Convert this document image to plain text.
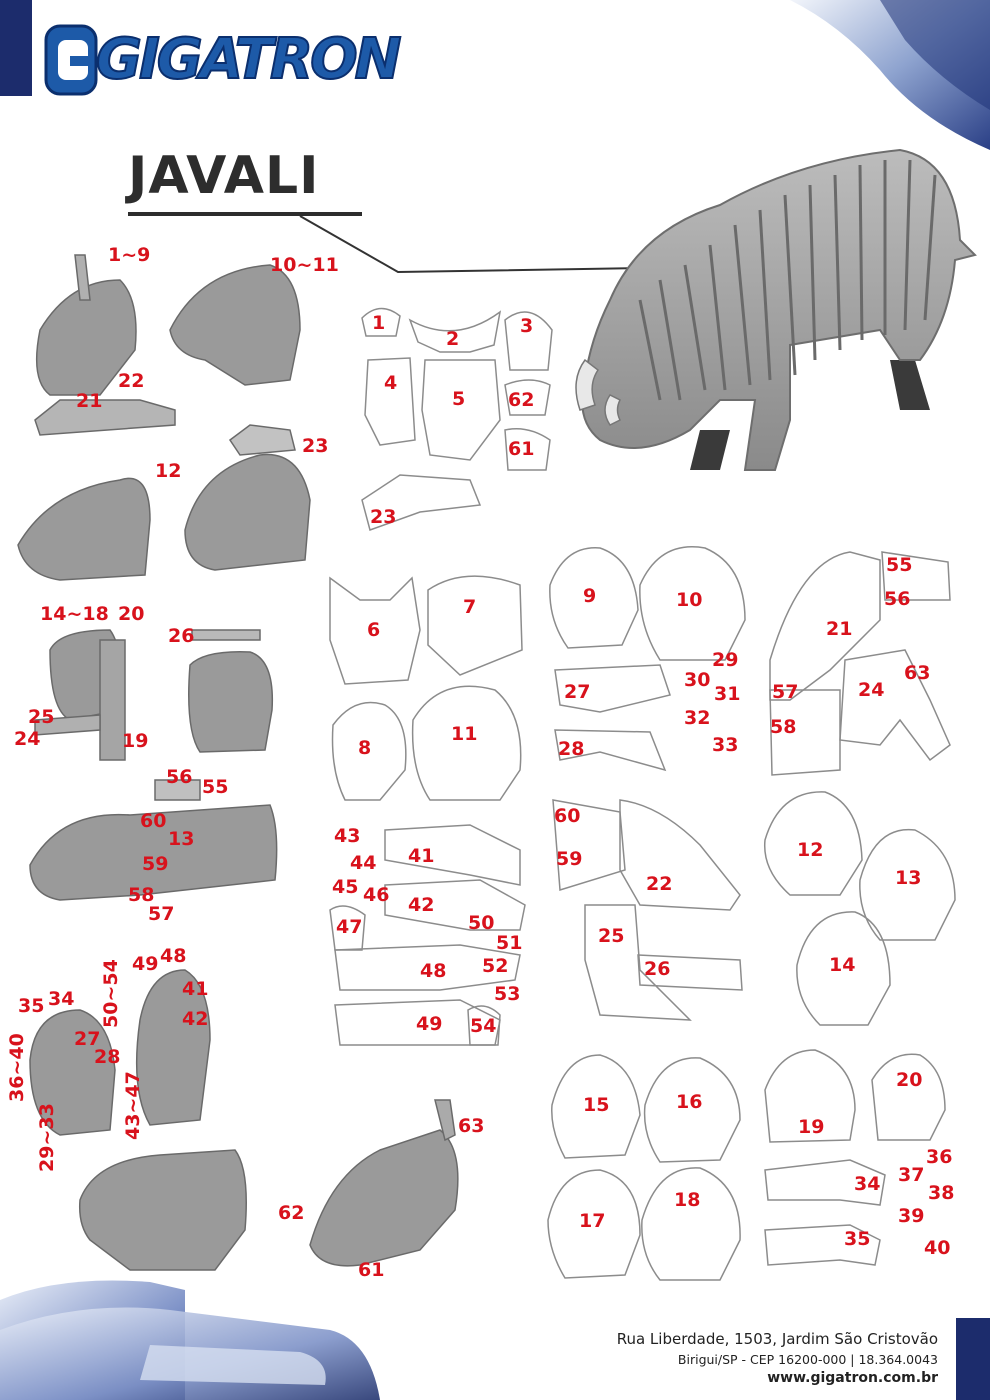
GIGATRON
JAVALI
1~9
22
21
10~11
12
23
14~18 20
25
24	19
26
56 55
60
13
59
58
57
49 48
35 34 50~54	41
42
27
28
36~40
43~47
29~33	63
62
61
1
2
3
4
5 62
61
23
6
7
8
11
9	10
29
30
31
32
33
27
28
55
56
21
63
57	24
58
43
44 41
45 46 42
47	50
51
52
48
53
49 54
60
59
22
25
26
12
13
14
15	16
17
18
20
19
36
37
34	38
39
35	40
Rua Liberdade, 1503, Jardim São Cristovão
Birigui/SP - CEP 16200-000 | 18.364.0043
www.gigatron.com.br
